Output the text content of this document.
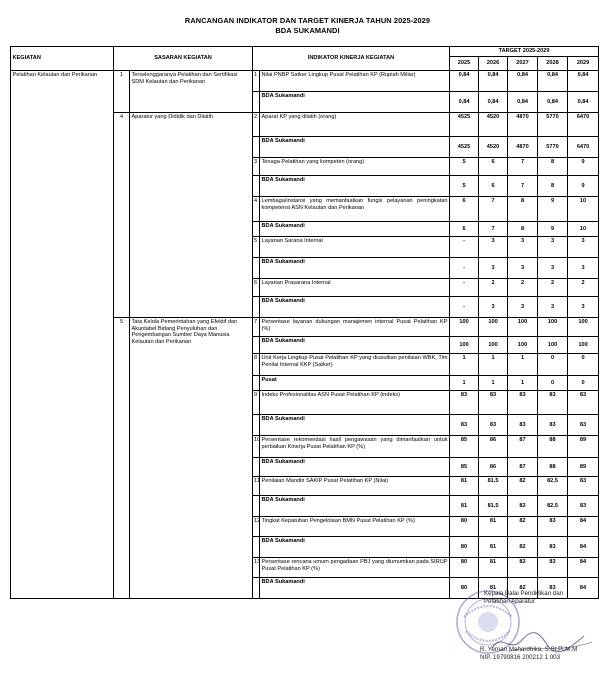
RANCANGAN INDIKATOR DAN TARGET KINERJA TAHUN 2025-2029
BDA SUKAMANDI
KEGIATAN	SASARAN KEGIATAN		INDIKATOR KINERJA KEGIATAN		TARGET 2025-2029				
					2025	2026	2027	2028	2029
Pelatihan Kelautan dan Perikanan	1	Terselenggaranya Pelatihan dan Sertifikasi SDM Kelautan dan Perikanan	1	Nilai PNBP Satker Lingkup Pusat Pelatihan KP (Rupiah Miliar)	0,84	0,84	0,84	0,84	0,84
				BDA Sukamandi	0,84	0,84	0,84	0,84	0,84
	4	Aparatur yang Dididik dan Dilatih	2	Aparat KP yang dilatih (orang)	4525	4520	4870	5770	6470
				BDA Sukamandi	4525	4520	4870	5770	6470
			3	Tenaga Pelatihan yang kompeten (orang)	5	6	7	8	9
				BDA Sukamandi	5	6	7	8	9
			4	Lembaga/instansi yang memanfaatkan fungsi pelayanan peningkatan kompetensi ASN Kelautan dan Perikanan	6	7	8	9	10
				BDA Sukamandi	6	7	8	9	10
			5	Layanan Sarana Internal	-	3	3	3	3
				BDA Sukamandi	-	3	3	3	3
			6	Layanan Prasarana Internal	-	2	2	2	2
				BDA Sukamandi	-	3	3	3	3
	5	Tata Kelola Pemerintahan yang Efektif dan Akuntabel Bidang Penyuluhan dan Pengembangan Sumber Daya Manusia Kelautan dan Perikanan	7	Persentase layanan dukungan manajemen internal Pusat Pelatihan KP (%)	100	100	100	100	100
				BDA Sukamandi	100	100	100	100	100
			8	Unit Kerja Lingkup Pusat Pelatihan KP yang diusulkan penilaian WBK, Tim Penilai Internal KKP (Satker)	1	1	1	0	0
				Pusat	1	1	1	0	0
			9	Indeks Profesionalitas ASN Pusat Pelatihan KP (indeks)	83	83	83	83	83
				BDA Sukamandi	83	83	83	83	83
			10	Persentase rekomendasi hasil pengawasan yang dimanfaatkan untuk perbaikan Kinerja Pusat Pelatihan KP (%)	85	86	87	88	89
				BDA Sukamandi	85	86	87	88	89
			11	Penilaian Mandiri SAKIP Pusat Pelatihan KP (Nilai)	81	81,5	82	82,5	83
				BDA Sukamandi	81	81,5	82	82,5	83
			12	Tingkat Kepatuhan Pengelolaan BMN Pusat Pelatihan KP (%)	80	81	82	83	84
				BDA Sukamandi	80	81	82	83	84
			13	Persentase rencana umum pengadaan PBJ yang diumumkan pada SIRUP Pusat Pelatihan KP (%)	80	81	82	83	84
				BDA Sukamandi	80	81	82	83	84
Kepala Balai Pendidikan dan
Pelatihan Aparatur
R. Yernan Mahardhika, S.St.Pi,M.M
NIP. 19790816 200212 1 003
